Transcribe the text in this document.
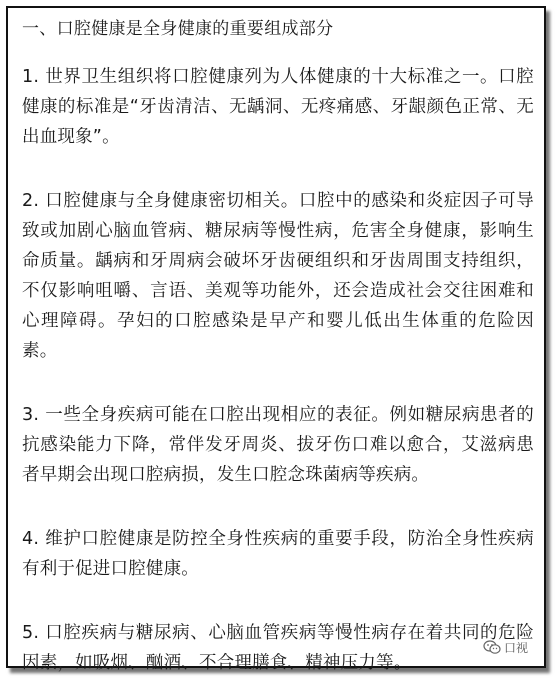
一、口腔健康是全身健康的重要组成部分

1. 世界卫生组织将口腔健康列为人体健康的十大标准之一。口腔健康的标准是“牙齿清洁、无龋洞、无疼痛感、牙龈颜色正常、无出血现象”。

2. 口腔健康与全身健康密切相关。口腔中的感染和炎症因子可导致或加剧心脑血管病、糖尿病等慢性病，危害全身健康，影响生命质量。龋病和牙周病会破坏牙齿硬组织和牙齿周围支持组织，不仅影响咀嚼、言语、美观等功能外，还会造成社会交往困难和心理障碍。孕妇的口腔感染是早产和婴儿低出生体重的危险因素。

3. 一些全身疾病可能在口腔出现相应的表征。例如糖尿病患者的抗感染能力下降，常伴发牙周炎、拔牙伤口难以愈合，艾滋病患者早期会出现口腔病损，发生口腔念珠菌病等疾病。

4. 维护口腔健康是防控全身性疾病的重要手段，防治全身性疾病有利于促进口腔健康。

5. 口腔疾病与糖尿病、心脑血管疾病等慢性病存在着共同的危险因素，如吸烟、酗酒、不合理膳食、精神压力等。

口视
